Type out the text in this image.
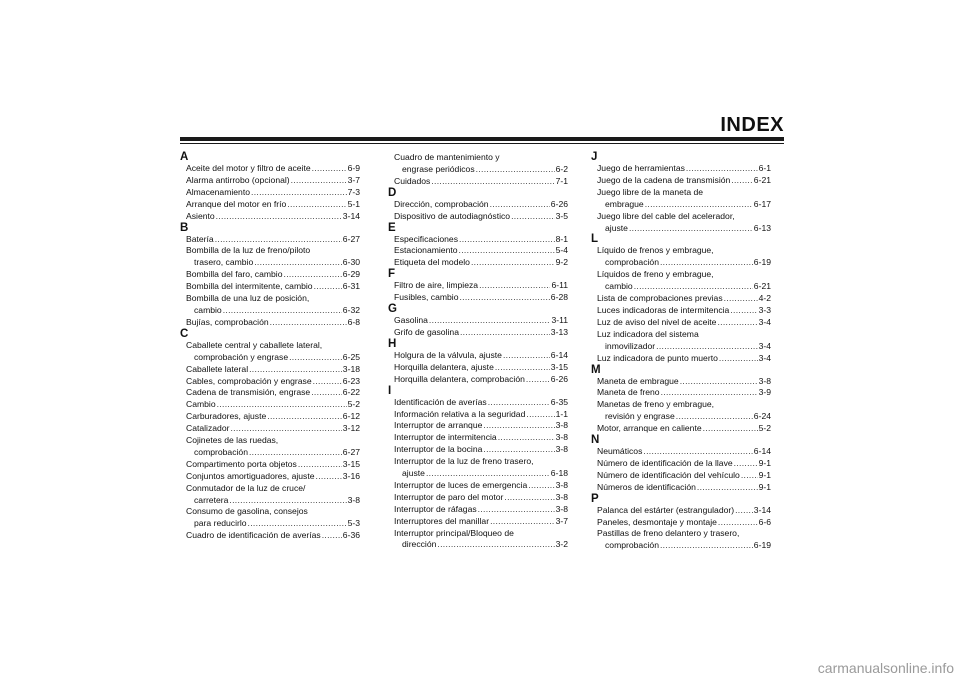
INDEX
A
Aceite del motor y filtro de aceite .....	6-9
Alarma antirrobo (opcional) .....	3-7
Almacenamiento .....	7-3
Arranque del motor en frío .....	5-1
Asiento .....	3-14
B
Batería .....	6-27
Bombilla de la luz de freno/piloto
trasero, cambio .....	6-30
Bombilla del faro, cambio .....	6-29
Bombilla del intermitente, cambio .....	6-31
Bombilla de una luz de posición,
cambio .....	6-32
Bujías, comprobación .....	6-8
C
Caballete central y caballete lateral,
comprobación y engrase .....	6-25
Caballete lateral .....	3-18
Cables, comprobación y engrase .....	6-23
Cadena de transmisión, engrase .....	6-22
Cambio .....	5-2
Carburadores, ajuste .....	6-12
Catalizador .....	3-12
Cojinetes de las ruedas,
comprobación .....	6-27
Compartimento porta objetos .....	3-15
Conjuntos amortiguadores, ajuste .....	3-16
Conmutador de la luz de cruce/
carretera .....	3-8
Consumo de gasolina, consejos
para reducirlo .....	5-3
Cuadro de identificación de averías .....	6-36
Cuadro de mantenimiento y
engrase periódicos .....	6-2
Cuidados .....	7-1
D
Dirección, comprobación .....	6-26
Dispositivo de autodiagnóstico .....	3-5
E
Especificaciones .....	8-1
Estacionamiento .....	5-4
Etiqueta del modelo .....	9-2
F
Filtro de aire, limpieza .....	6-11
Fusibles, cambio .....	6-28
G
Gasolina .....	3-11
Grifo de gasolina .....	3-13
H
Holgura de la válvula, ajuste .....	6-14
Horquilla delantera, ajuste .....	3-15
Horquilla delantera, comprobación .....	6-26
I
Identificación de averías .....	6-35
Información relativa a la seguridad .....	1-1
Interruptor de arranque .....	3-8
Interruptor de intermitencia .....	3-8
Interruptor de la bocina .....	3-8
Interruptor de la luz de freno trasero,
ajuste .....	6-18
Interruptor de luces de emergencia .....	3-8
Interruptor de paro del motor .....	3-8
Interruptor de ráfagas .....	3-8
Interruptores del manillar .....	3-7
Interruptor principal/Bloqueo de
dirección .....	3-2
J
Juego de herramientas .....	6-1
Juego de la cadena de transmisión .....	6-21
Juego libre de la maneta de
embrague .....	6-17
Juego libre del cable del acelerador,
ajuste .....	6-13
L
Líquido de frenos y embrague,
comprobación .....	6-19
Líquidos de freno y embrague,
cambio .....	6-21
Lista de comprobaciones previas .....	4-2
Luces indicadoras de intermitencia .....	3-3
Luz de aviso del nivel de aceite .....	3-4
Luz indicadora del sistema
inmovilizador .....	3-4
Luz indicadora de punto muerto .....	3-4
M
Maneta de embrague .....	3-8
Maneta de freno .....	3-9
Manetas de freno y embrague,
revisión y engrase .....	6-24
Motor, arranque en caliente .....	5-2
N
Neumáticos .....	6-14
Número de identificación de la llave .....	9-1
Número de identificación del vehículo ..... 9-1
Números de identificación .....	9-1
P
Palanca del estárter (estrangulador) ..... 3-14
Paneles, desmontaje y montaje .....	6-6
Pastillas de freno delantero y trasero,
comprobación .....	6-19
carmanualsonline.info
